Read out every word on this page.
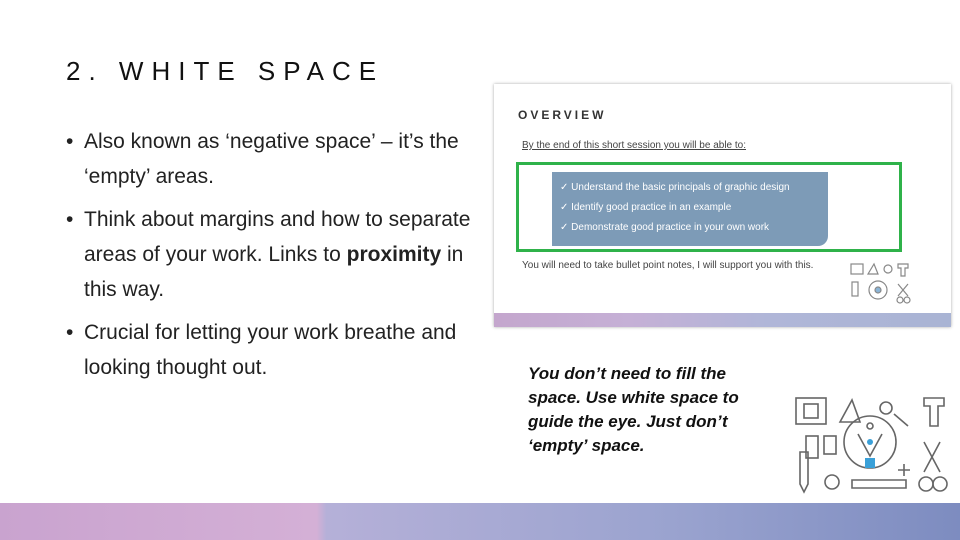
2. WHITE SPACE
• Also known as ‘negative space’ – it’s the ‘empty’ areas.
• Think about margins and how to separate areas of your work. Links to proximity in this way.
• Crucial for letting your work breathe and looking thought out.
OVERVIEW
By the end of this short session you will be able to:
✓ Understand the basic principals of graphic design
✓ Identify good practice in an example
✓ Demonstrate good practice in your own work
You will need to take bullet point notes, I will support you with this.
You don’t need to fill the space. Use white space to guide the eye. Just don’t ‘empty’ space.
